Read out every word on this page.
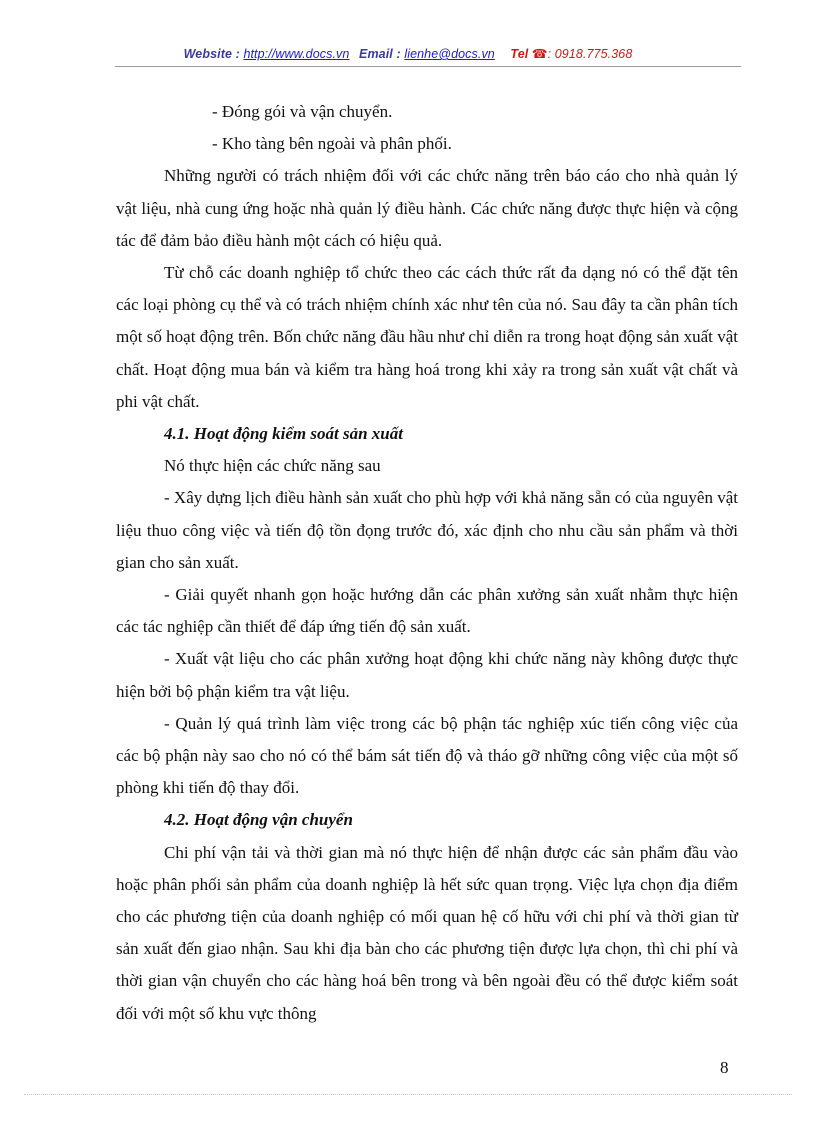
Website : http://www.docs.vn Email : lienhe@docs.vn Tel ☎: 0918.775.368

- Đóng gói và vận chuyển.

- Kho tàng bên ngoài và phân phối.

Những người có trách nhiệm đối với các chức năng trên báo cáo cho nhà quản lý vật liệu, nhà cung ứng hoặc nhà quản lý điều hành. Các chức năng được thực hiện và cộng tác để đảm bảo điều hành một cách có hiệu quả.

Từ chỗ các doanh nghiệp tổ chức theo các cách thức rất đa dạng nó có thể đặt tên các loại phòng cụ thể và có trách nhiệm chính xác như tên của nó. Sau đây ta cần phân tích một số hoạt động trên. Bốn chức năng đầu hầu như chỉ diễn ra trong hoạt động sản xuất vật chất. Hoạt động mua bán và kiểm tra hàng hoá trong khi xảy ra trong sản xuất vật chất và phi vật chất.

4.1. Hoạt động kiểm soát sản xuất

Nó thực hiện các chức năng sau

- Xây dựng lịch điều hành sản xuất cho phù hợp với khả năng sẵn có của nguyên vật liệu thuo công việc và tiến độ tồn đọng trước đó, xác định cho nhu cầu sản phẩm và thời gian cho sản xuất.

- Giải quyết nhanh gọn hoặc hướng dẫn các phân xưởng sản xuất nhằm thực hiện các tác nghiệp cần thiết để đáp ứng tiến độ sản xuất.

- Xuất vật liệu cho các phân xưởng hoạt động khi chức năng này không được thực hiện bởi bộ phận kiểm tra vật liệu.

- Quản lý quá trình làm việc trong các bộ phận tác nghiệp xúc tiến công việc của các bộ phận này sao cho nó có thể bám sát tiến độ và tháo gỡ những công việc của một số phòng khi tiến độ thay đổi.

4.2. Hoạt động vận chuyển

Chi phí vận tải và thời gian mà nó thực hiện để nhận được các sản phẩm đầu vào hoặc phân phối sản phẩm của doanh nghiệp là hết sức quan trọng. Việc lựa chọn địa điểm cho các phương tiện của doanh nghiệp có mối quan hệ cố hữu với chi phí và thời gian từ sản xuất đến giao nhận. Sau khi địa bàn cho các phương tiện được lựa chọn, thì chi phí và thời gian vận chuyển cho các hàng hoá bên trong và bên ngoài đều có thể được kiểm soát đối với một số khu vực thông

8
